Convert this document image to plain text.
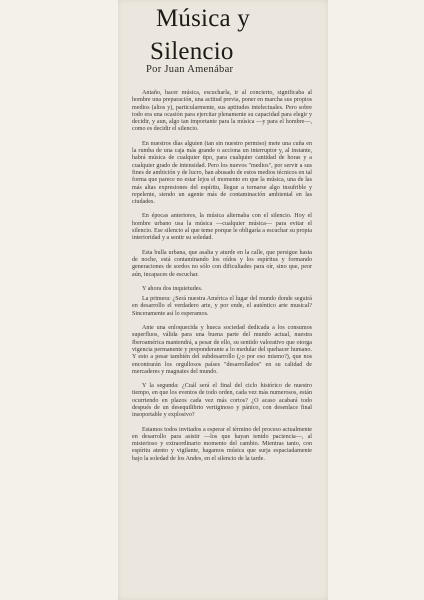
Música y
Silencio
Por Juan Amenábar

Antaño, hacer música, escucharla, ir al concierto, significaba al hombre una preparación, una actitud previa, poner en marcha sus propios medios (altos y), particularmente, sus aptitudes intelectuales. Pero sobre todo era una ocasión para ejercitar plenamente su capacidad para elegir y decidir, y aun, algo tan importante para la música —y para el hombre—, como es decidir el silencio.

En nuestros días alguien (tan sin nuestro permiso) mete una cuña en la rumba de una caja más grande o acciona un interruptor y, al instante, habrá música de cualquier tipo, para cualquier cantidad de horas y a cualquier grado de intensidad. Pero los nuevos "medios", por servir a sus fines de ambición y de lucro, han abusado de estos medios técnicos en tal forma que parece no estar lejos el momento en que la música, una de las más altas expresiones del espíritu, llegue a tornarse algo insufrible y repelente, siendo un agente más de contaminación ambiental en las ciudades.

En épocas anteriores, la música alternaba con el silencio. Hoy el hombre urbano usa la música —cualquier música— para evitar el silencio. Ese silencio al que teme porque le obligaría a escuchar su propia interioridad y a sentir su soledad.

Esta bulla urbana, que asalta y aturde en la calle, que persigue hasta de noche, está contaminando los oídos y los espíritus y formando generaciones de sordos no sólo con dificultades para oír, sino que, peor aún, incapaces de escuchar.

Y ahora dos inquietudes.

La primera: ¿Será nuestra América el lugar del mundo donde seguirá en desarrollo el verdadero arte, y por ende, el auténtico arte musical? Sinceramente así lo esperamos.

Ante una enloquecida y hueca sociedad dedicada a los consumos superfluos, válida para una buena parte del mundo actual, nuestra Iberoamérica mantendrá, a pesar de ello, su sentido valorativo que otorga vigencia permanente y preponderante a lo medular del quehacer humano. Y esto a pesar también del subdesarrollo (¿o por eso mismo?), que nos encontrarán los orgullosos países "desarrollados" en su calidad de mercaderes y magnates del mundo.

Y la segunda: ¿Cuál será el final del ciclo histórico de nuestro tiempo, en que los eventos de todo orden, cada vez más numerosos, están ocurriendo en plazos cada vez más cortos? ¿O acaso acabará todo después de un desequilibrio vertiginoso y pánico, con desenlace final insoportable y explosivo?

Estamos todos invitados a esperar el término del proceso actualmente en desarrollo para asistir —los que hayan tenido paciencia—, al misterioso y extraordinario momento del cambio. Mientras tanto, con espíritu atento y vigilante, hagamos música que surja espaciadamente bajo la soledad de los Andes, en el silencio de la tarde.
